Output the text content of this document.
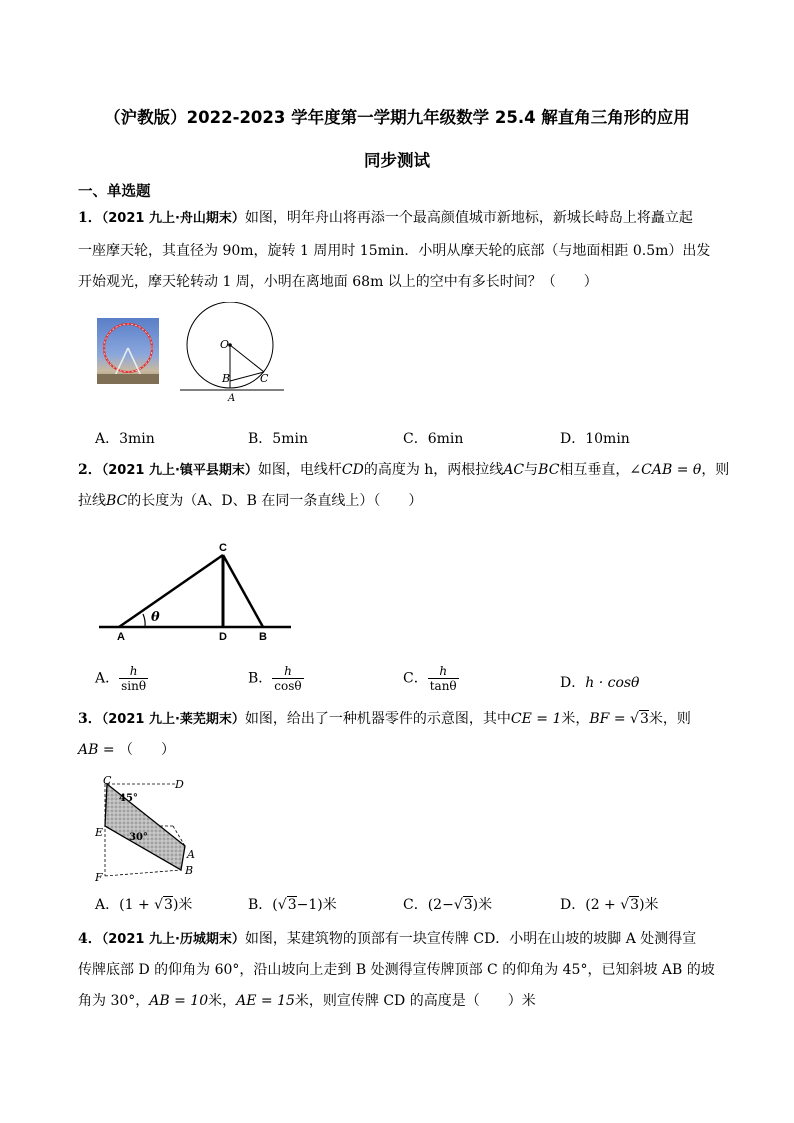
（沪教版）2022-2023 学年度第一学期九年级数学 25.4 解直角三角形的应用
同步测试
一、单选题
1．（2021 九上·舟山期末）如图，明年舟山将再添一个最高颜值城市新地标，新城长峙岛上将矗立起
一座摩天轮，其直径为 90m，旋转 1 周用时 15min．小明从摩天轮的底部（与地面相距 0.5m）出发
开始观光，摩天轮转动 1 周，小明在离地面 68m 以上的空中有多长时间？（　　）
O
B	C
A
A．3min	B．5min	C．6min	D．10min
2．（2021 九上·镇平县期末）如图，电线杆CD的高度为 h，两根拉线AC与BC相互垂直，∠CAB = θ，则
拉线BC的长度为（A、D、B 在同一条直线上）（　　）
C
A	D	B
θ
A． $\frac{h}{\sin\theta}$	B． $\frac{h}{\cos\theta}$	C． $\frac{h}{\tan\theta}$	D．h · cosθ
3．（2021 九上·莱芜期末）如图，给出了一种机器零件的示意图，其中CE = 1米，BF = √3米，则
AB = （　　）
C	D
45°
E	30°
A
B
F
A．(1 + √3)米	B．(√3−1)米	C．(2−√3)米	D．(2 + √3)米
4．（2021 九上·历城期末）如图，某建筑物的顶部有一块宣传牌 CD．小明在山坡的坡脚 A 处测得宣
传牌底部 D 的仰角为 60°，沿山坡向上走到 B 处测得宣传牌顶部 C 的仰角为 45°，已知斜坡 AB 的坡
角为 30°，AB = 10米，AE = 15米，则宣传牌 CD 的高度是（　　）米
